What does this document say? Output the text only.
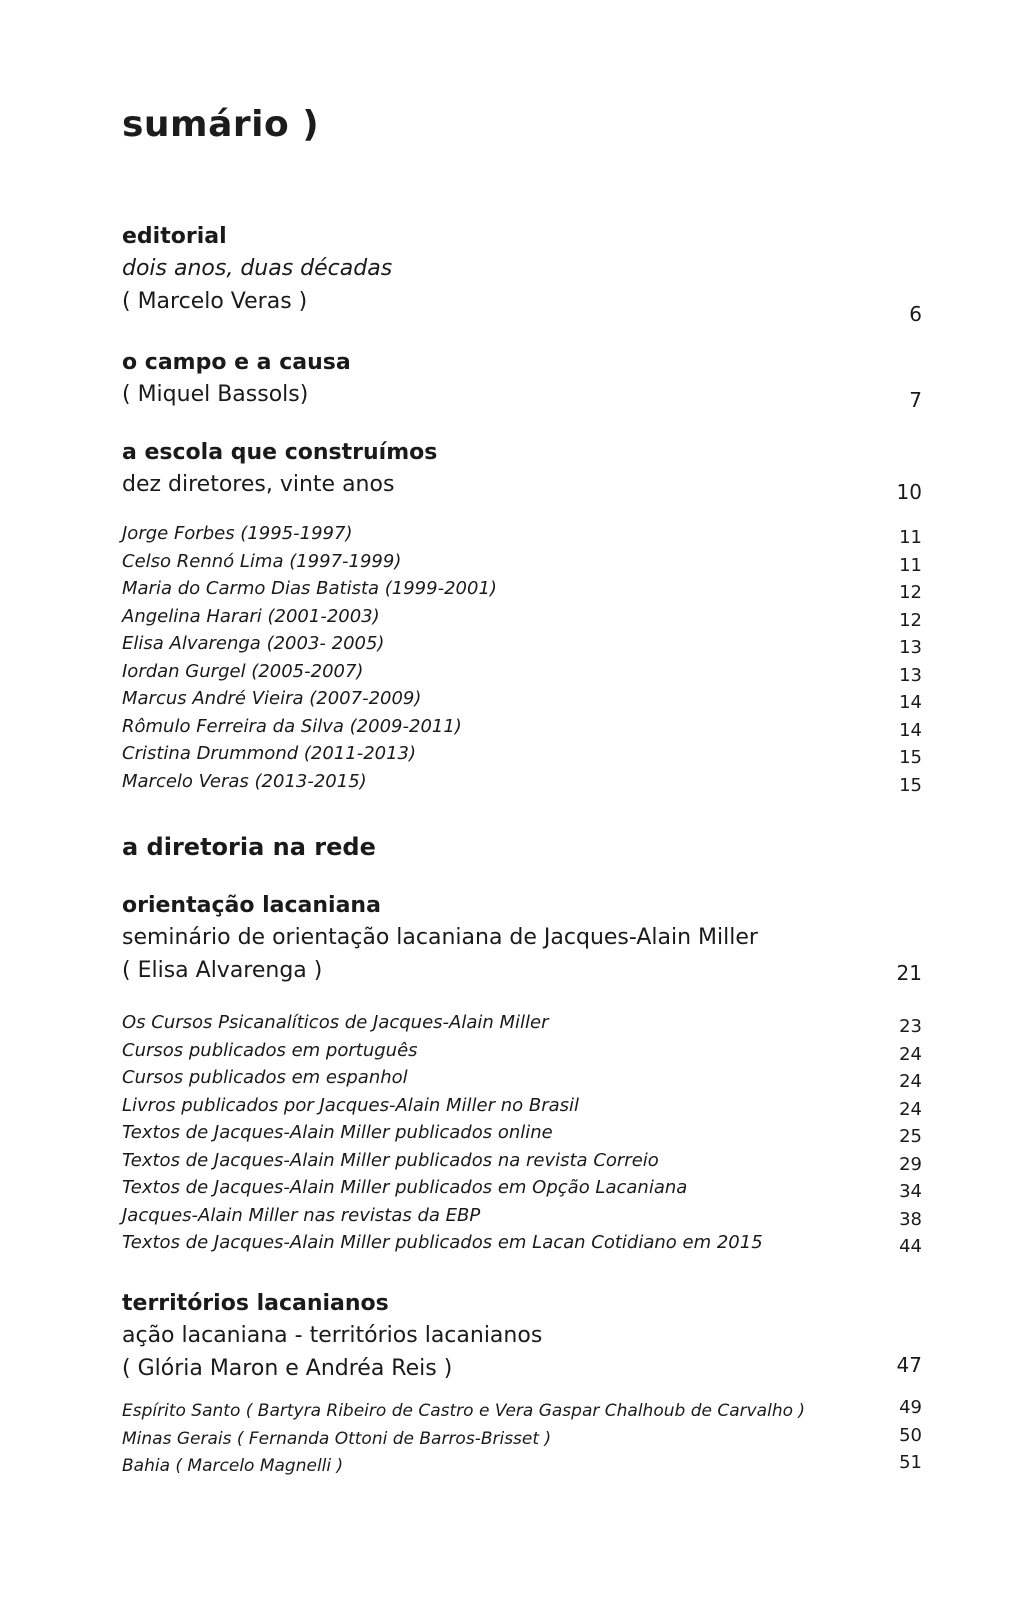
sumário )

editorial

dois anos, duas décadas

( Marcelo Veras )	6

o campo e a causa

( Miquel Bassols)	7

a escola que construímos

dez diretores, vinte anos	10
Jorge Forbes (1995-1997)	11
Celso Rennó Lima (1997-1999)	11
Maria do Carmo Dias Batista (1999-2001)	12
Angelina Harari (2001-2003)	12
Elisa Alvarenga (2003- 2005)	13
Iordan Gurgel (2005-2007)	13
Marcus André Vieira (2007-2009)	14
Rômulo Ferreira da Silva (2009-2011)	14
Cristina Drummond (2011-2013)	15
Marcelo Veras (2013-2015)	15

a diretoria na rede

orientação lacaniana

seminário de orientação lacaniana de Jacques-Alain Miller

( Elisa Alvarenga )	21
Os Cursos Psicanalíticos de Jacques-Alain Miller	23
Cursos publicados em português	24
Cursos publicados em espanhol	24
Livros publicados por Jacques-Alain Miller no Brasil	24
Textos de Jacques-Alain Miller publicados online	25
Textos de Jacques-Alain Miller publicados na revista Correio	29
Textos de Jacques-Alain Miller publicados em Opção Lacaniana	34
Jacques-Alain Miller nas revistas da EBP	38
Textos de Jacques-Alain Miller publicados em Lacan Cotidiano em 2015	44

territórios lacanianos

ação lacaniana - territórios lacanianos

( Glória Maron e Andréa Reis )	47
Espírito Santo ( Bartyra Ribeiro de Castro e Vera Gaspar Chalhoub de Carvalho )	49
Minas Gerais ( Fernanda Ottoni de Barros-Brisset )	50
Bahia ( Marcelo Magnelli )	51
